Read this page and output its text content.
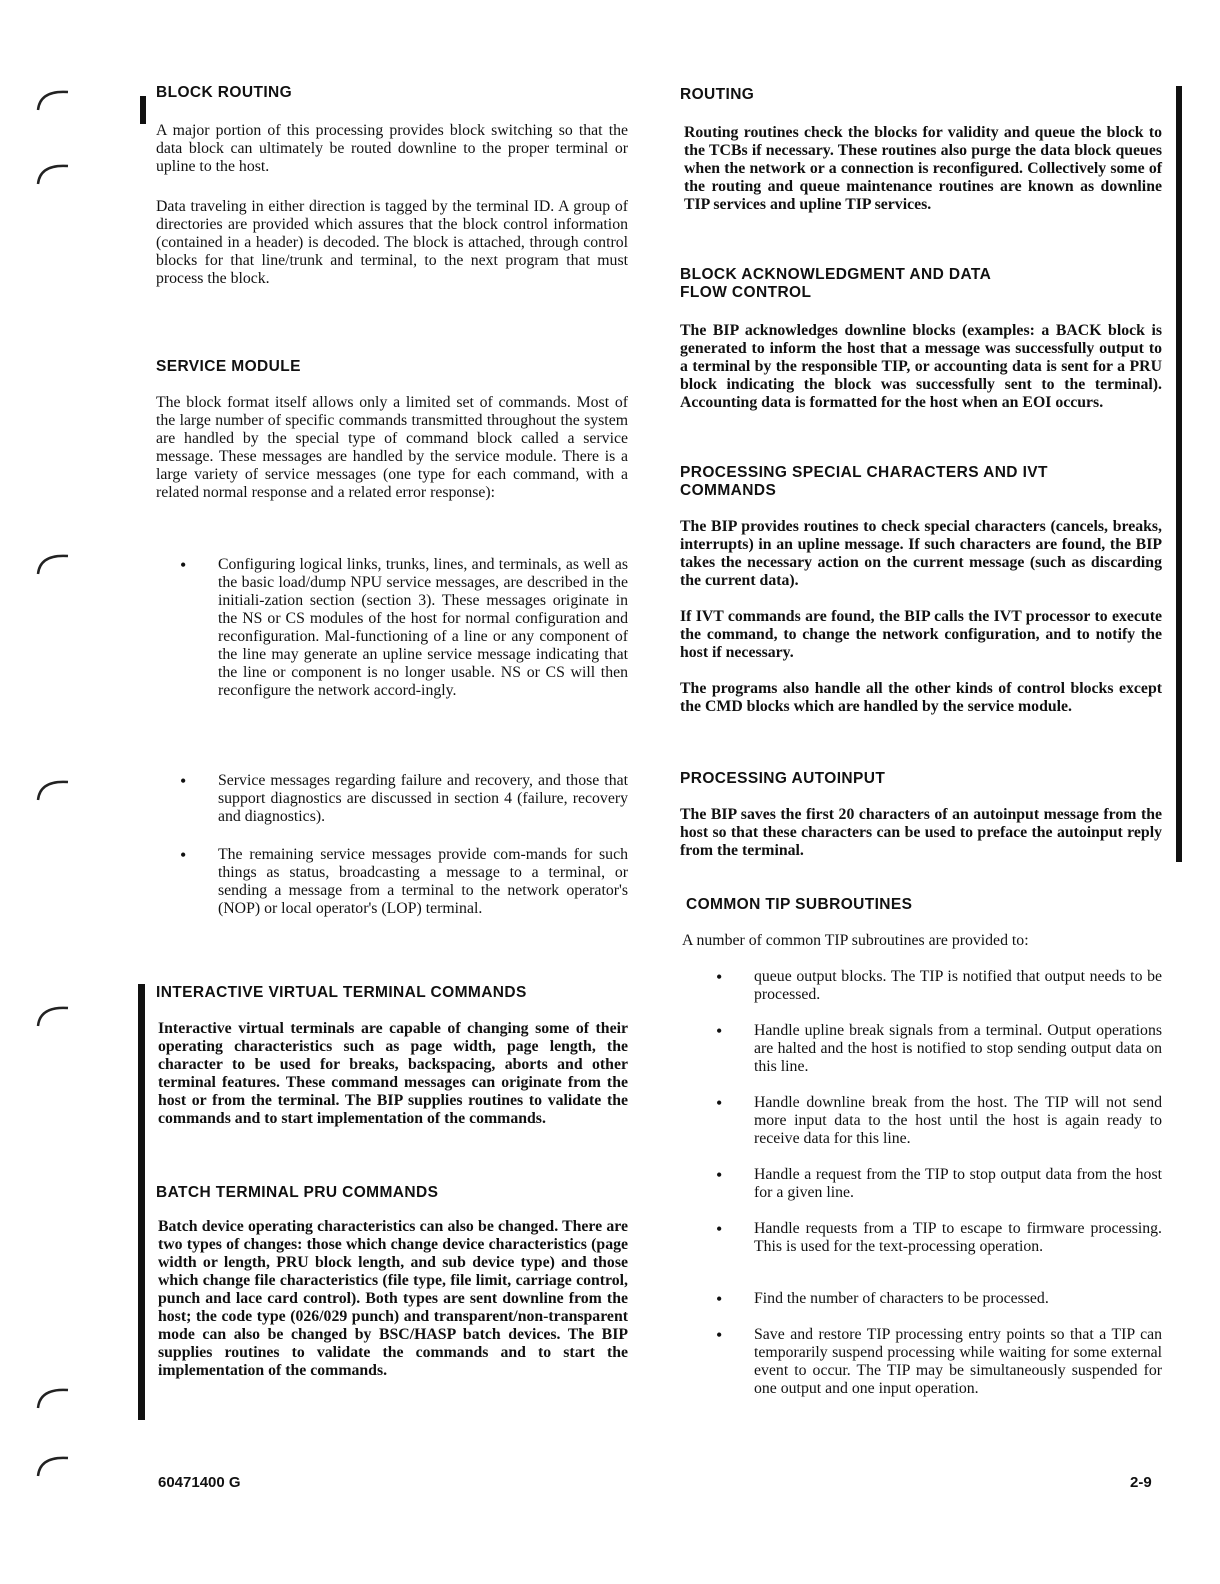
BLOCK ROUTING

A major portion of this processing provides block switching so that the data block can ultimately be routed downline to the proper terminal or upline to the host.

Data traveling in either direction is tagged by the terminal ID. A group of directories are provided which assures that the block control information (contained in a header) is decoded. The block is attached, through control blocks for that line/trunk and terminal, to the next program that must process the block.

SERVICE MODULE

The block format itself allows only a limited set of commands. Most of the large number of specific commands transmitted throughout the system are handled by the special type of command block called a service message. These messages are handled by the service module. There is a large variety of service messages (one type for each command, with a related normal response and a related error response):

• Configuring logical links, trunks, lines, and terminals, as well as the basic load/dump NPU service messages, are described in the initiali-zation section (section 3). These messages originate in the NS or CS modules of the host for normal configuration and reconfiguration. Mal-functioning of a line or any component of the line may generate an upline service message indicating that the line or component is no longer usable. NS or CS will then reconfigure the network accord-ingly.
• Service messages regarding failure and recovery, and those that support diagnostics are discussed in section 4 (failure, recovery and diagnostics).
• The remaining service messages provide com-mands for such things as status, broadcasting a message to a terminal, or sending a message from a terminal to the network operator's (NOP) or local operator's (LOP) terminal.
INTERACTIVE VIRTUAL TERMINAL COMMANDS

Interactive virtual terminals are capable of changing some of their operating characteristics such as page width, page length, the character to be used for breaks, backspacing, aborts and other terminal features. These command messages can originate from the host or from the terminal. The BIP supplies routines to validate the commands and to start implementation of the commands.

BATCH TERMINAL PRU COMMANDS

Batch device operating characteristics can also be changed. There are two types of changes: those which change device characteristics (page width or length, PRU block length, and sub device type) and those which change file characteristics (file type, file limit, carriage control, punch and lace card control). Both types are sent downline from the host; the code type (026/029 punch) and transparent/non-transparent mode can also be changed by BSC/HASP batch devices. The BIP supplies routines to validate the commands and to start the implementation of the commands.

ROUTING

Routing routines check the blocks for validity and queue the block to the TCBs if necessary. These routines also purge the data block queues when the network or a connection is reconfigured. Collectively some of the routing and queue maintenance routines are known as downline TIP services and upline TIP services.

BLOCK ACKNOWLEDGMENT AND DATA
FLOW CONTROL

The BIP acknowledges downline blocks (examples: a BACK block is generated to inform the host that a message was successfully output to a terminal by the responsible TIP, or accounting data is sent for a PRU block indicating the block was successfully sent to the terminal). Accounting data is formatted for the host when an EOI occurs.

PROCESSING SPECIAL CHARACTERS AND IVT
COMMANDS

The BIP provides routines to check special characters (cancels, breaks, interrupts) in an upline message. If such characters are found, the BIP takes the necessary action on the current message (such as discarding the current data).

If IVT commands are found, the BIP calls the IVT processor to execute the command, to change the network configuration, and to notify the host if necessary.

The programs also handle all the other kinds of control blocks except the CMD blocks which are handled by the service module.

PROCESSING AUTOINPUT

The BIP saves the first 20 characters of an autoinput message from the host so that these characters can be used to preface the autoinput reply from the terminal.

COMMON TIP SUBROUTINES

A number of common TIP subroutines are provided to:

• queue output blocks. The TIP is notified that output needs to be processed.
• Handle upline break signals from a terminal. Output operations are halted and the host is notified to stop sending output data on this line.
• Handle downline break from the host. The TIP will not send more input data to the host until the host is again ready to receive data for this line.
• Handle a request from the TIP to stop output data from the host for a given line.
• Handle requests from a TIP to escape to firmware processing. This is used for the text-processing operation.
• Find the number of characters to be processed.
• Save and restore TIP processing entry points so that a TIP can temporarily suspend processing while waiting for some external event to occur. The TIP may be simultaneously suspended for one output and one input operation.
60471400 G	2-9
